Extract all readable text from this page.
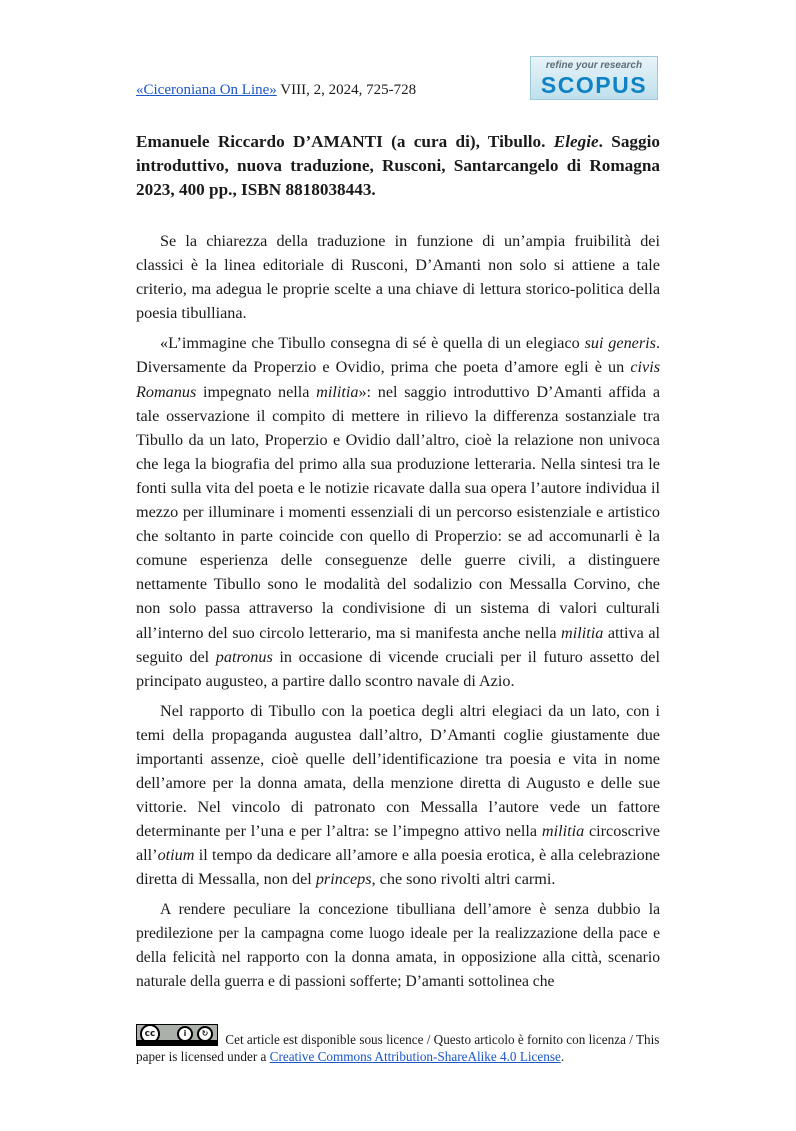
«Ciceroniana On Line» VIII, 2, 2024, 725-728
refine your research
SCOPUS
Emanuele Riccardo D’AMANTI (a cura di), Tibullo. Elegie. Saggio introduttivo, nuova traduzione, Rusconi, Santarcangelo di Romagna 2023, 400 pp., ISBN 8818038443.

Se la chiarezza della traduzione in funzione di un’ampia fruibilità dei classici è la linea editoriale di Rusconi, D’Amanti non solo si attiene a tale criterio, ma adegua le proprie scelte a una chiave di lettura storico-politica della poesia tibulliana.

«L’immagine che Tibullo consegna di sé è quella di un elegiaco sui generis. Diversamente da Properzio e Ovidio, prima che poeta d’amore egli è un civis Romanus impegnato nella militia»: nel saggio introduttivo D’Amanti affida a tale osservazione il compito di mettere in rilievo la differenza sostanziale tra Tibullo da un lato, Properzio e Ovidio dall’altro, cioè la relazione non univoca che lega la biografia del primo alla sua produzione letteraria. Nella sintesi tra le fonti sulla vita del poeta e le notizie ricavate dalla sua opera l’autore individua il mezzo per illuminare i momenti essenziali di un percorso esistenziale e artistico che soltanto in parte coincide con quello di Properzio: se ad accomunarli è la comune esperienza delle conseguenze delle guerre civili, a distinguere nettamente Tibullo sono le modalità del sodalizio con Messalla Corvino, che non solo passa attraverso la condivisione di un sistema di valori culturali all’interno del suo circolo letterario, ma si manifesta anche nella militia attiva al seguito del patronus in occasione di vicende cruciali per il futuro assetto del principato augusteo, a partire dallo scontro navale di Azio.

Nel rapporto di Tibullo con la poetica degli altri elegiaci da un lato, con i temi della propaganda augustea dall’altro, D’Amanti coglie giustamente due importanti assenze, cioè quelle dell’identificazione tra poesia e vita in nome dell’amore per la donna amata, della menzione diretta di Augusto e delle sue vittorie. Nel vincolo di patronato con Messalla l’autore vede un fattore determinante per l’una e per l’altra: se l’impegno attivo nella militia circoscrive all’otium il tempo da dedicare all’amore e alla poesia erotica, è alla celebrazione diretta di Messalla, non del princeps, che sono rivolti altri carmi.

A rendere peculiare la concezione tibulliana dell’amore è senza dubbio la predilezione per la campagna come luogo ideale per la realizzazione della pace e della felicità nel rapporto con la donna amata, in opposizione alla città, scenario naturale della guerra e di passioni sofferte; D’amanti sottolinea che

cc	i	↻	Cet article est disponible sous licence / Questo articolo è fornito con licenza / This paper is licensed under a Creative Commons Attribution-ShareAlike 4.0 License.
